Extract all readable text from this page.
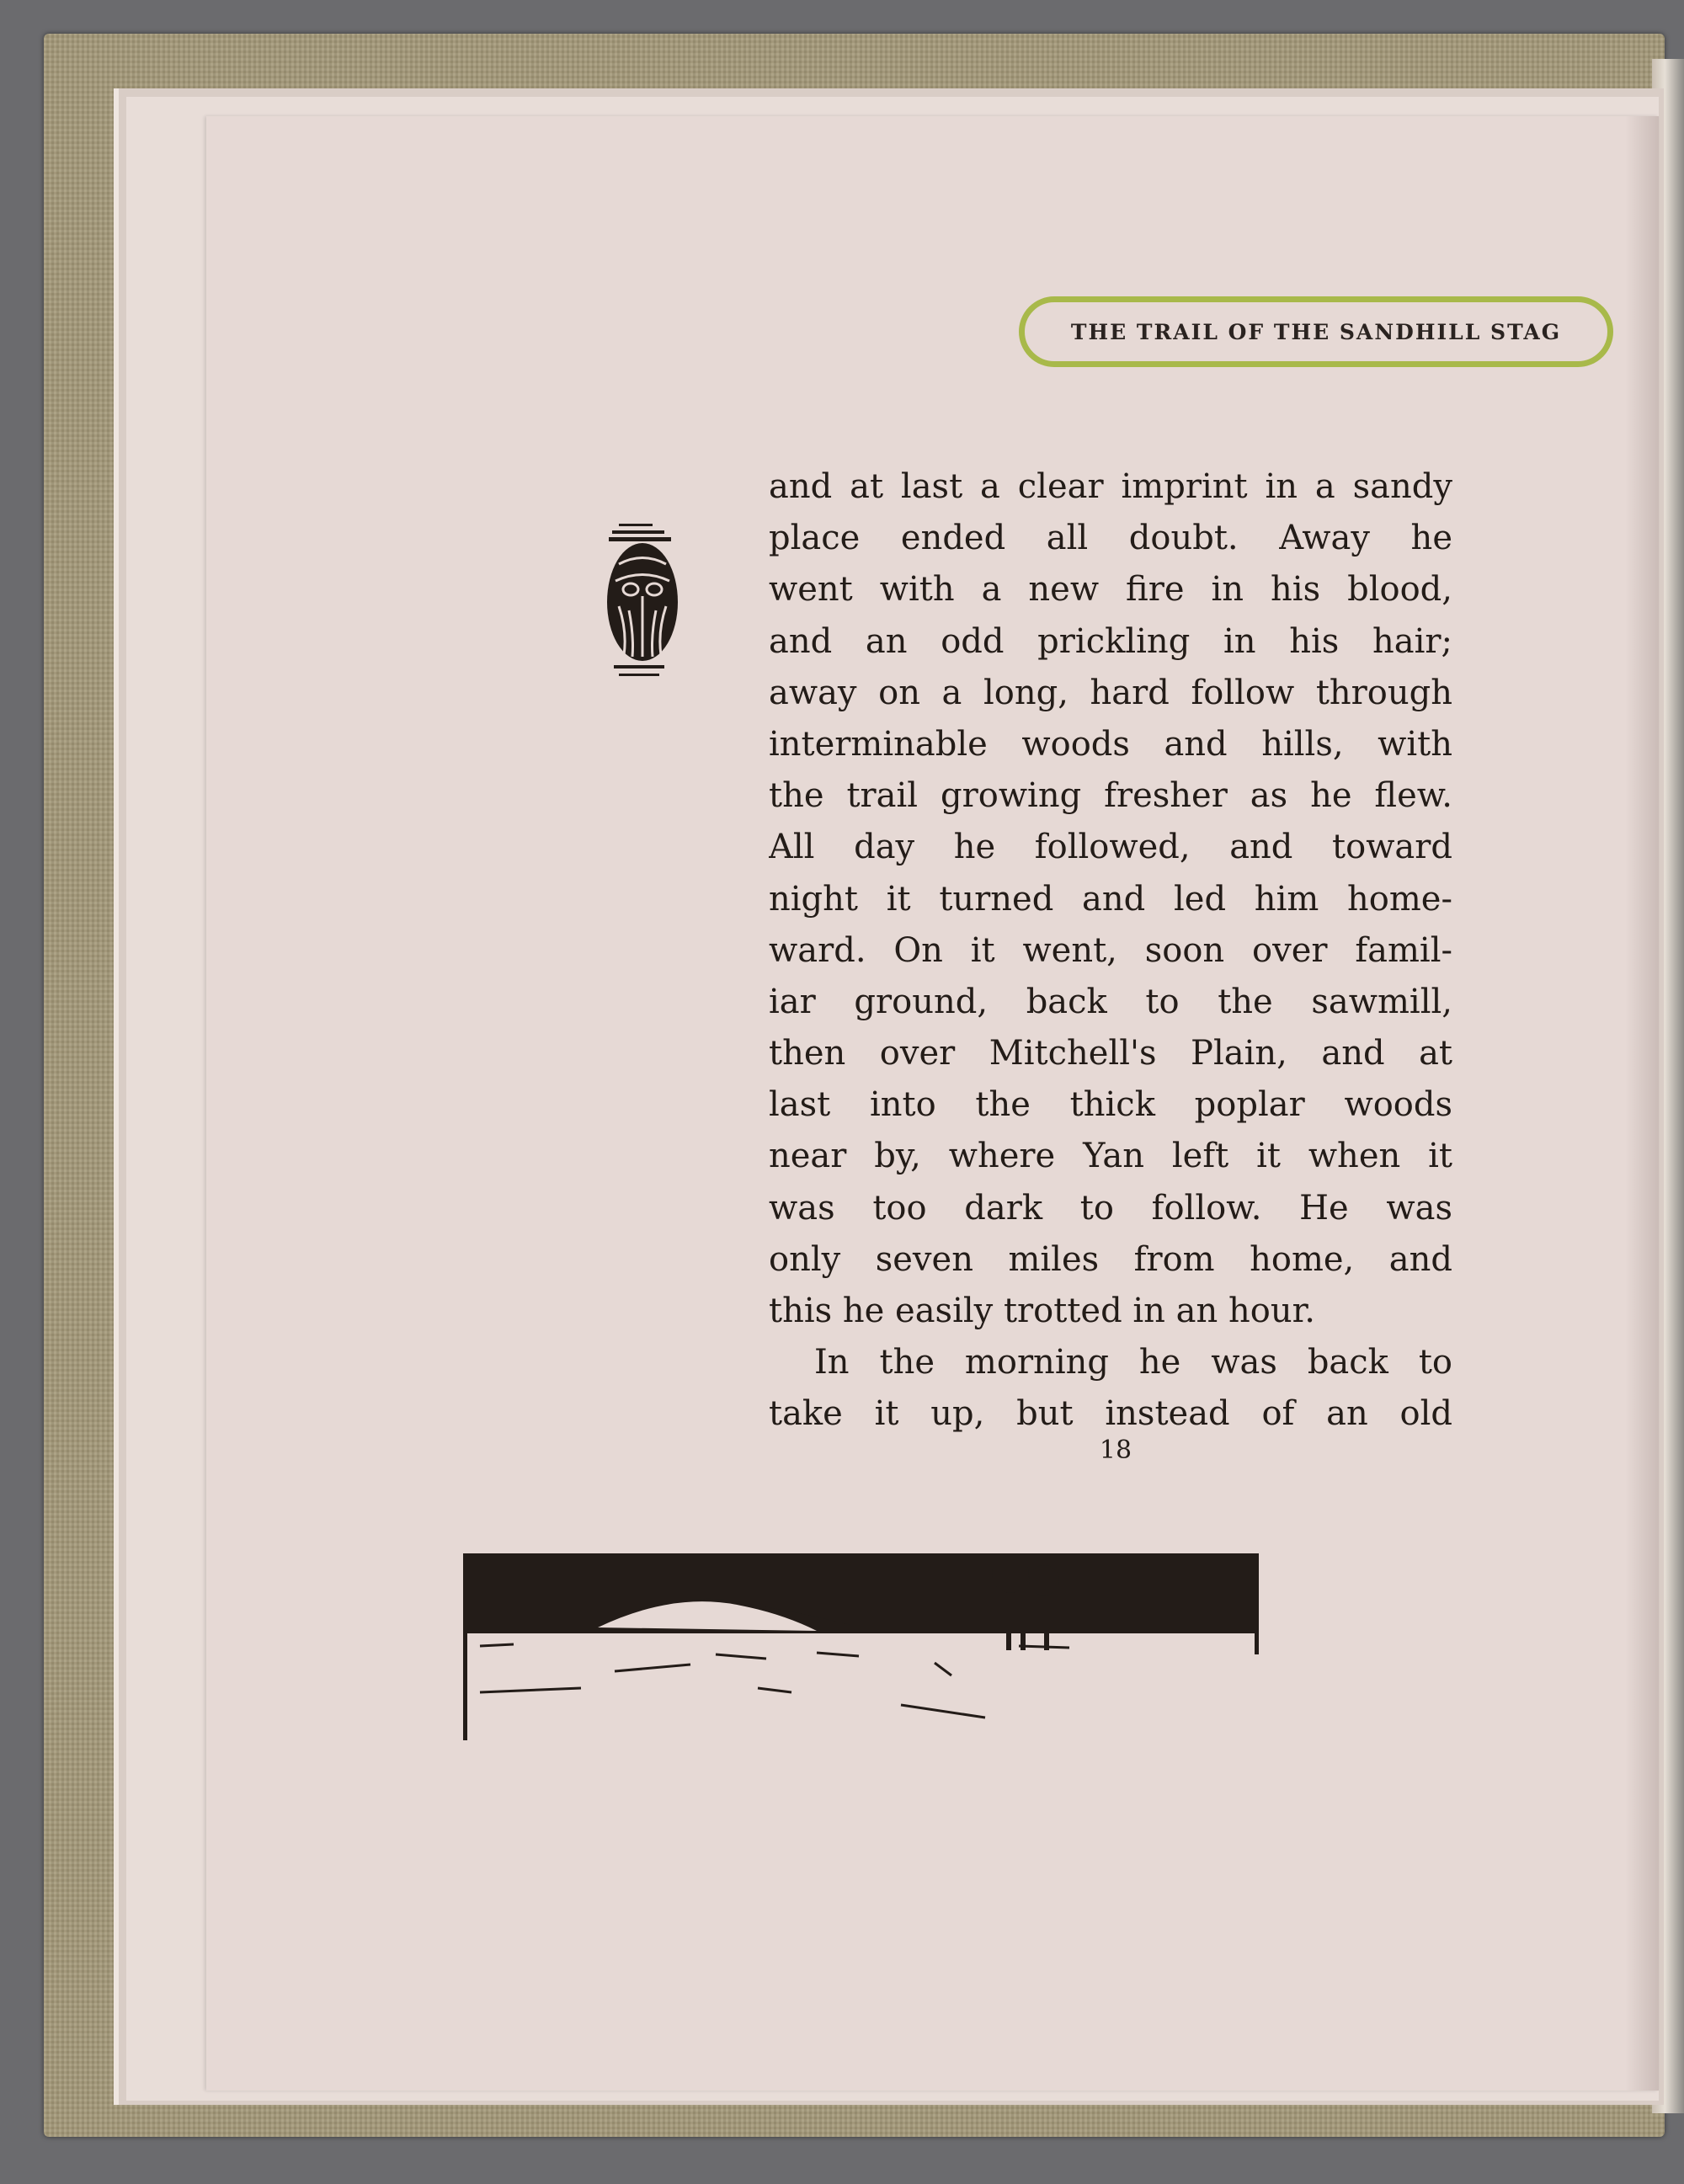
THE TRAIL OF THE SANDHILL STAG
and at last a clear imprint in a sandy
place ended all doubt. Away he
went with a new fire in his blood,
and an odd prickling in his hair;
away on a long, hard follow through
interminable woods and hills, with
the trail growing fresher as he flew.
All day he followed, and toward
night it turned and led him home-
ward. On it went, soon over famil-
iar ground, back to the sawmill,
then over Mitchell's Plain, and at
last into the thick poplar woods
near by, where Yan left it when it
was too dark to follow. He was
only seven miles from home, and
this he easily trotted in an hour.
In the morning he was back to
take it up, but instead of an old
18
